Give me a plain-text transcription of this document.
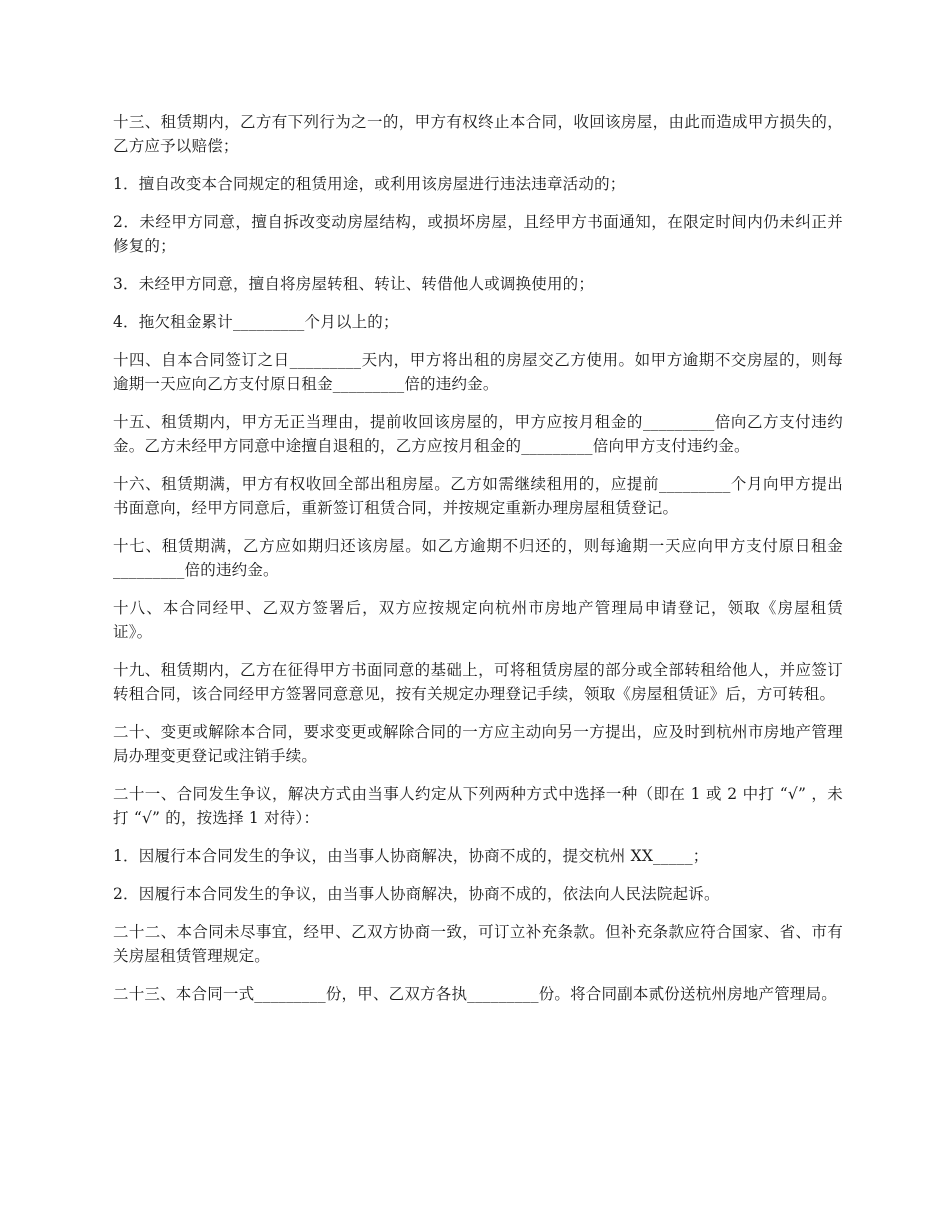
十三、租赁期内，乙方有下列行为之一的，甲方有权终止本合同，收回该房屋，由此而造成甲方损失的，乙方应予以赔偿；

1．擅自改变本合同规定的租赁用途，或利用该房屋进行违法违章活动的；

2．未经甲方同意，擅自拆改变动房屋结构，或损坏房屋，且经甲方书面通知，在限定时间内仍未纠正并修复的；

3．未经甲方同意，擅自将房屋转租、转让、转借他人或调换使用的；

4．拖欠租金累计_________个月以上的；

十四、自本合同签订之日_________天内，甲方将出租的房屋交乙方使用。如甲方逾期不交房屋的，则每逾期一天应向乙方支付原日租金_________倍的违约金。

十五、租赁期内，甲方无正当理由，提前收回该房屋的，甲方应按月租金的_________倍向乙方支付违约金。乙方未经甲方同意中途擅自退租的，乙方应按月租金的_________倍向甲方支付违约金。

十六、租赁期满，甲方有权收回全部出租房屋。乙方如需继续租用的，应提前_________个月向甲方提出书面意向，经甲方同意后，重新签订租赁合同，并按规定重新办理房屋租赁登记。

十七、租赁期满，乙方应如期归还该房屋。如乙方逾期不归还的，则每逾期一天应向甲方支付原日租金_________倍的违约金。

十八、本合同经甲、乙双方签署后，双方应按规定向杭州市房地产管理局申请登记，领取《房屋租赁证》。

十九、租赁期内，乙方在征得甲方书面同意的基础上，可将租赁房屋的部分或全部转租给他人，并应签订转租合同，该合同经甲方签署同意意见，按有关规定办理登记手续，领取《房屋租赁证》后，方可转租。

二十、变更或解除本合同，要求变更或解除合同的一方应主动向另一方提出，应及时到杭州市房地产管理局办理变更登记或注销手续。

二十一、合同发生争议，解决方式由当事人约定从下列两种方式中选择一种（即在 1 或 2 中打 “√” ，未打 “√” 的，按选择 1 对待）：

1．因履行本合同发生的争议，由当事人协商解决，协商不成的，提交杭州 XX_____；

2．因履行本合同发生的争议，由当事人协商解决，协商不成的，依法向人民法院起诉。

二十二、本合同未尽事宜，经甲、乙双方协商一致，可订立补充条款。但补充条款应符合国家、省、市有关房屋租赁管理规定。

二十三、本合同一式_________份，甲、乙双方各执_________份。将合同副本贰份送杭州房地产管理局。
